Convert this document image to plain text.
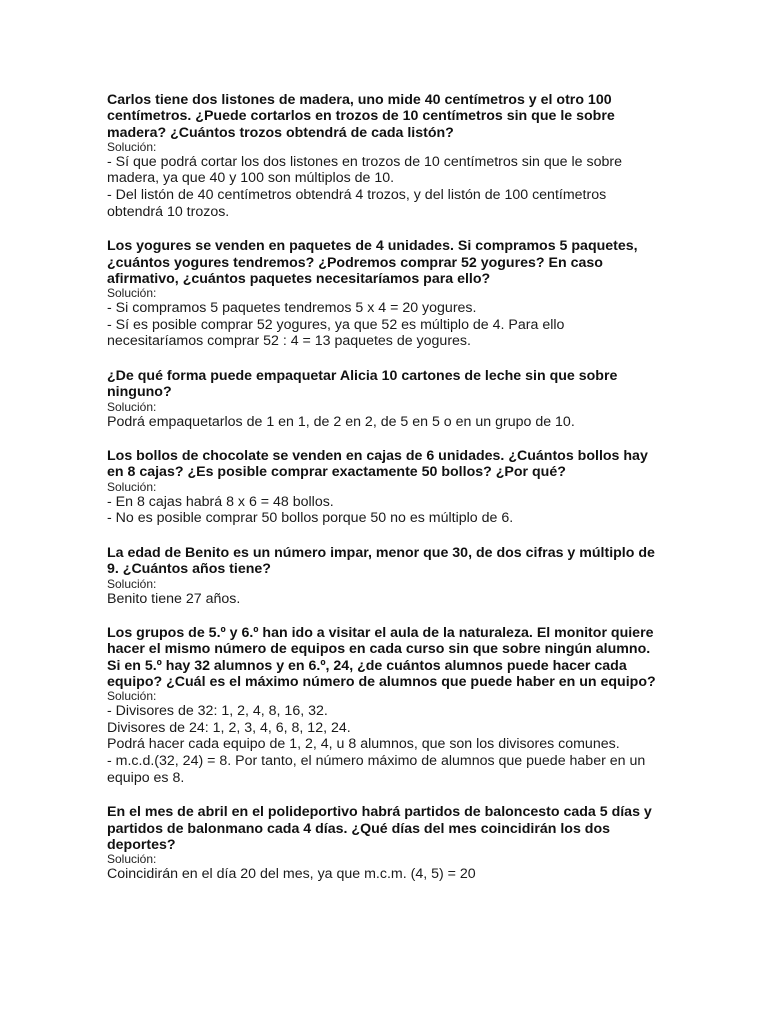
Carlos tiene dos listones de madera, uno mide 40 centímetros y el otro 100 centímetros. ¿Puede cortarlos en trozos de 10 centímetros sin que le sobre madera? ¿Cuántos trozos obtendrá de cada listón?

Solución:

- Sí que podrá cortar los dos listones en trozos de 10 centímetros sin que le sobre madera, ya que 40 y 100 son múltiplos de 10.

- Del listón de 40 centímetros obtendrá 4 trozos, y del listón de 100 centímetros obtendrá 10 trozos.

Los yogures se venden en paquetes de 4 unidades. Si compramos 5 paquetes, ¿cuántos yogures tendremos? ¿Podremos comprar 52 yogures? En caso afirmativo, ¿cuántos paquetes necesitaríamos para ello?

Solución:

- Si compramos 5 paquetes tendremos 5 x 4 = 20 yogures.

- Sí es posible comprar 52 yogures, ya que 52 es múltiplo de 4. Para ello necesitaríamos comprar 52 : 4 = 13 paquetes de yogures.

¿De qué forma puede empaquetar Alicia 10 cartones de leche sin que sobre ninguno?

Solución:

Podrá empaquetarlos de 1 en 1, de 2 en 2, de 5 en 5 o en un grupo de 10.

Los bollos de chocolate se venden en cajas de 6 unidades. ¿Cuántos bollos hay en 8 cajas? ¿Es posible comprar exactamente 50 bollos? ¿Por qué?

Solución:

- En 8 cajas habrá 8 x 6 = 48 bollos.

- No es posible comprar 50 bollos porque 50 no es múltiplo de 6.

La edad de Benito es un número impar, menor que 30, de dos cifras y múltiplo de 9. ¿Cuántos años tiene?

Solución:

Benito tiene 27 años.

Los grupos de 5.º y 6.º han ido a visitar el aula de la naturaleza. El monitor quiere hacer el mismo número de equipos en cada curso sin que sobre ningún alumno. Si en 5.º hay 32 alumnos y en 6.º, 24, ¿de cuántos alumnos puede hacer cada equipo? ¿Cuál es el máximo número de alumnos que puede haber en un equipo?

Solución:

- Divisores de 32: 1, 2, 4, 8, 16, 32.

Divisores de 24: 1, 2, 3, 4, 6, 8, 12, 24.

Podrá hacer cada equipo de 1, 2, 4, u 8 alumnos, que son los divisores comunes.

- m.c.d.(32, 24) = 8. Por tanto, el número máximo de alumnos que puede haber en un equipo es 8.

En el mes de abril en el polideportivo habrá partidos de baloncesto cada 5 días y partidos de balonmano cada 4 días. ¿Qué días del mes coincidirán los dos deportes?

Solución:

Coincidirán en el día 20 del mes, ya que m.c.m. (4, 5) = 20
